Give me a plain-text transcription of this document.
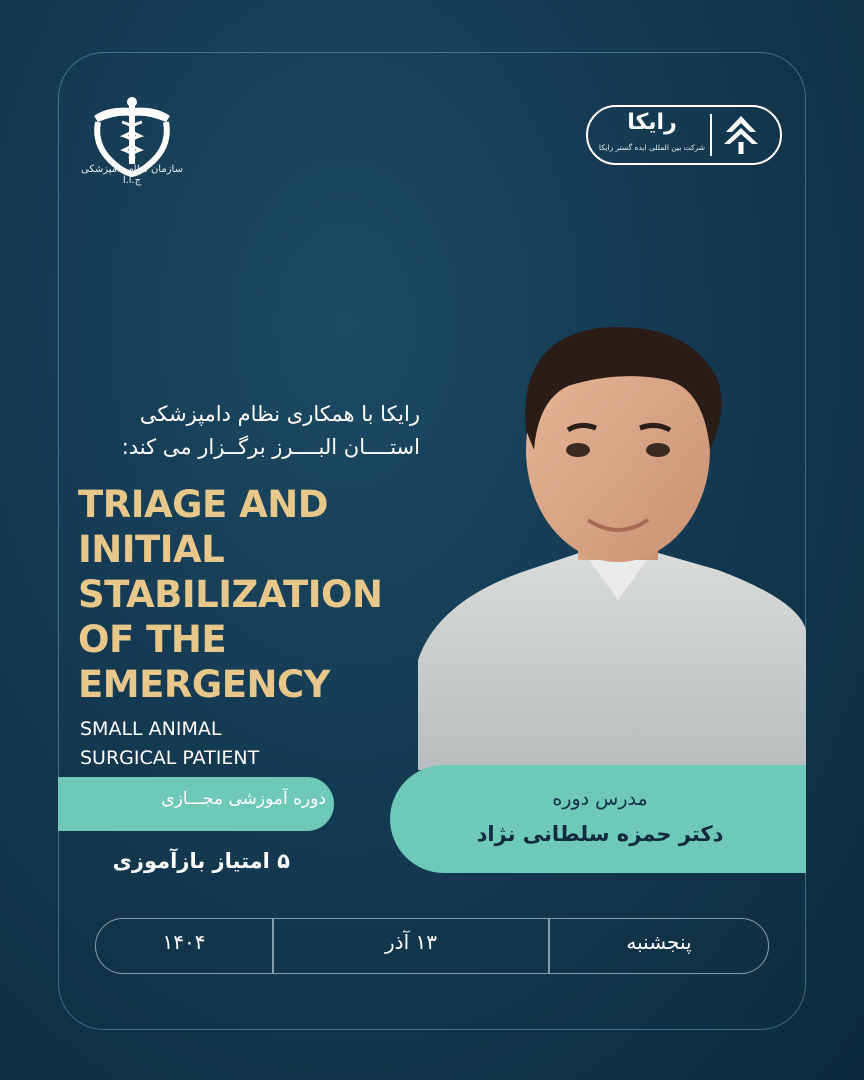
سازمان نظام دامپزشکی ج.ا.ا
رایکا
شرکت بین المللی ایده گستر رایکا
رایکا با همکاری نظام دامپزشکی
استــــان البــــرز برگــزار می کند:
TRIAGE AND
INITIAL
STABILIZATION
OF THE
EMERGENCY
SMALL ANIMAL
SURGICAL PATIENT
دوره آموزشی مجـــازی
۵ امتیاز بازآموزی
مدرس دوره
دکتر حمزه سلطانی نژاد
۱۴۰۴	۱۳ آذر	پنجشنبه
